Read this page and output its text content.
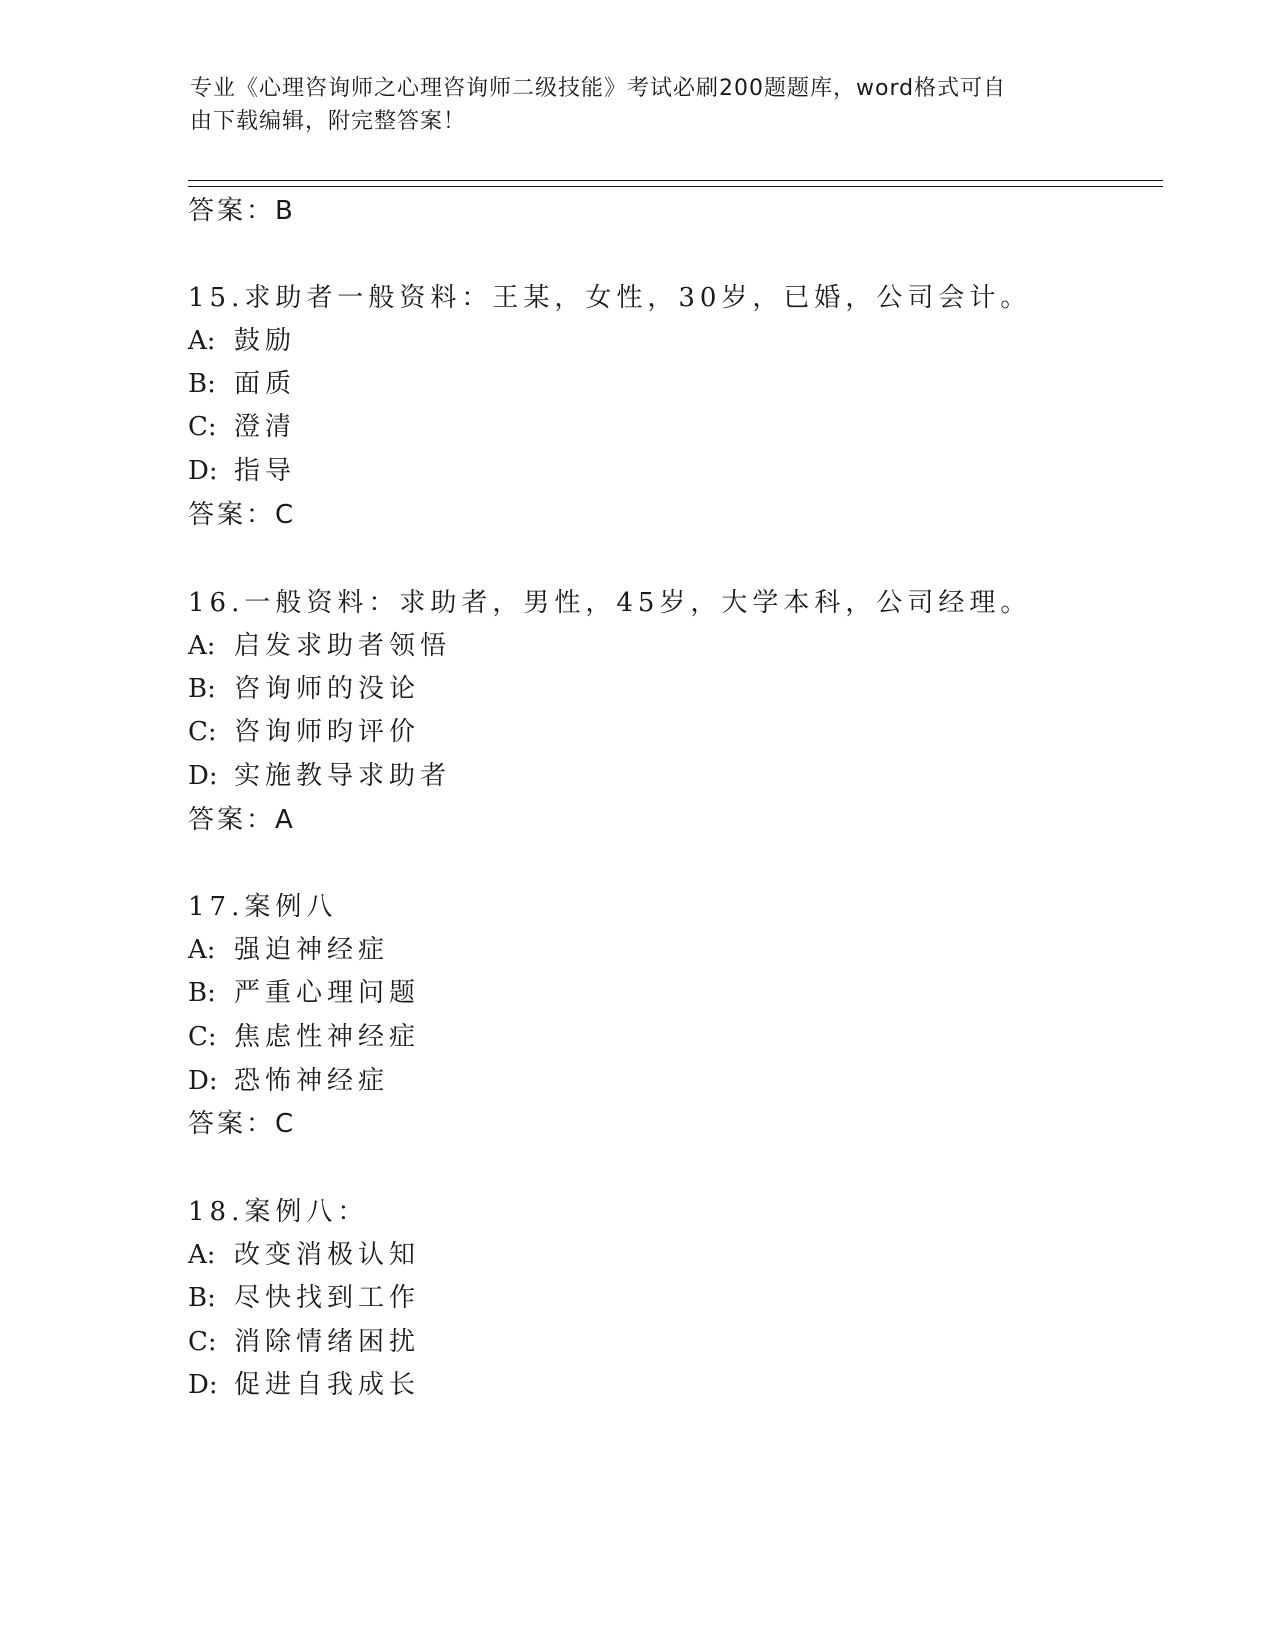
专业《心理咨询师之心理咨询师二级技能》考试必刷200题题库，word格式可自
由下载编辑，附完整答案！
答案：B
15.求助者一般资料：王某，女性，30岁，已婚，公司会计。
A: 鼓励
B: 面质
C: 澄清
D: 指导
答案：C
16.一般资料：求助者，男性，45岁，大学本科，公司经理。
A: 启发求助者领悟
B: 咨询师的没论
C: 咨询师昀评价
D: 实施教导求助者
答案：A
17.案例八
A: 强迫神经症
B: 严重心理问题
C: 焦虑性神经症
D: 恐怖神经症
答案：C
18.案例八：
A: 改变消极认知
B: 尽快找到工作
C: 消除情绪困扰
D: 促进自我成长
